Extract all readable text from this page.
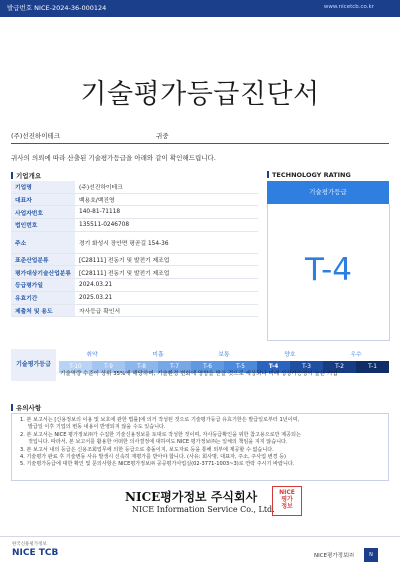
발급번호 NICE-2024-36-000124	www.nicetcb.co.kr
기술평가등급진단서
(주)선진하이테크	귀중
귀사의 의뢰에 따라 산출된 기술평가등급을 아래와 같이 확인해드립니다.
기업개요
기업명	(주)선진하이테크
대표자	백용호/백진영
사업자번호	140-81-71118
법인번호	135511-0246708
주소	경기 화성시 장안면 평곧길 154-36
표준산업분류	[C28111] 전동기 및 발전기 제조업
평가대상기술산업분류	[C28111] 전동기 및 발전기 제조업
등급평가일	2024.03.21
유효기간	2025.03.21
제출처 및 용도	자사등급 확인서
TECHNOLOGY RATING
기술평가등급
T-4
기술평가등급
취약	미흡	보통	양호	우수
T-10	T-9	T-8	T-7	T-6	T-5	T-4	T-3	T-2	T-1
기술역량 수준이 상위 35%에 해당하며, 기술환경 변화에 영향을 받을 것으로 예상되나 미래 성장가능성이 높은 기업
유의사항
1. 본 보고서는 [신용정보의 이용 및 보호에 관한 법률]에 의거 작성된 것으로 기술평가등급 유효기한은 발급일로부터 1년이며,
발급일 이후 기업의 변동 내용이 반영되지 않을 수도 있습니다.
2. 본 보고서는 NICE 평가정보㈜가 수집한 기술신용정보를 토대로 작성한 것이며, 자사등급확인을 위한 참고용으로만 제공되는
것입니다. 따라서, 본 보고서를 활용한 어떠한 의사결정에 대하여도 NICE 평가정보㈜는 일체의 책임을 지지 않습니다.
3. 본 보고서 내의 등급은 신용조회업무에 의한 등급으로 충돌이지, 보도자료 등을 통해 외부에 제공할 수 없습니다.
4. 기술평가 완료 후 기술변동 사유 발생시 신속히 재평가를 받아야 합니다. (사유: 회사명, 대표자, 주소, 주사업 변경 등)
5. 기술평가등급에 대한 확인 및 문의사항은 NICE평가정보㈜ 공공평가사업실(02-3771-1003~3)로 연락 주시기 바랍니다.
NICE평가정보 주식회사
NICE Information Service Co., Ltd.
NICE
평가
정보
한국신용평가정보
NICE TCB	NICE평가정보㈜	N
